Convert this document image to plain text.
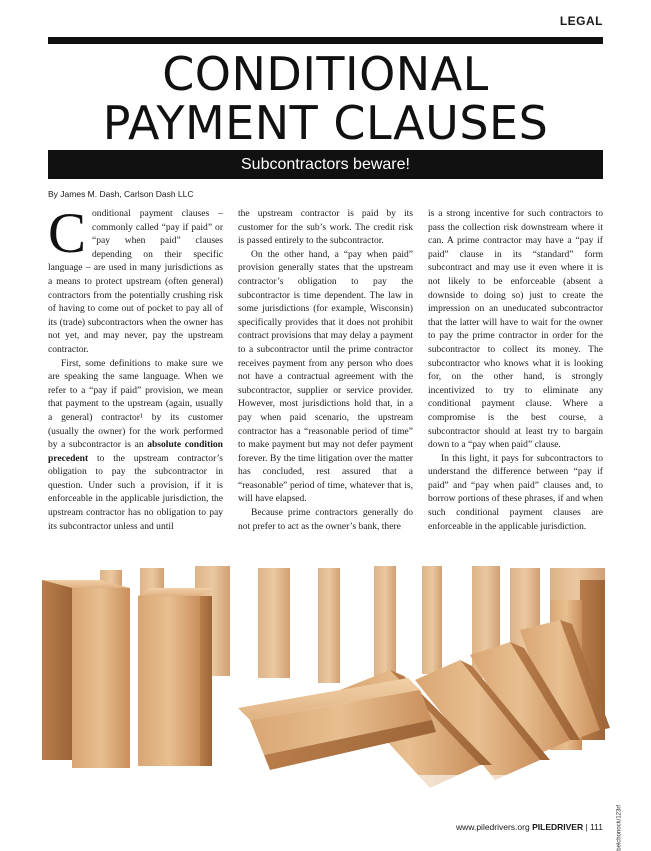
LEGAL
CONDITIONAL
PAYMENT CLAUSES
Subcontractors beware!
By James M. Dash, Carlson Dash LLC

Conditional payment clauses – commonly called “pay if paid” or “pay when paid” clauses depending on their specific language – are used in many jurisdictions as a means to protect upstream (often general) contractors from the potentially crushing risk of having to come out of pocket to pay all of its (trade) subcontractors when the owner has not yet, and may never, pay the upstream contractor.

First, some definitions to make sure we are speaking the same language. When we refer to a “pay if paid” provision, we mean that payment to the upstream (again, usually a general) contractor¹ by its customer (usually the owner) for the work performed by a subcontractor is an absolute condition precedent to the upstream contractor’s obligation to pay the subcontractor in question. Under such a provision, if it is enforceable in the applicable jurisdiction, the upstream contractor has no obligation to pay its subcontractor unless and until

the upstream contractor is paid by its customer for the sub’s work. The credit risk is passed entirely to the subcontractor.

On the other hand, a “pay when paid” provision generally states that the upstream contractor’s obligation to pay the subcontractor is time dependent. The law in some jurisdictions (for example, Wisconsin) specifically provides that it does not prohibit contract provisions that may delay a payment to a subcontractor until the prime contractor receives payment from any person who does not have a contractual agreement with the subcontractor, supplier or service provider. However, most jurisdictions hold that, in a pay when paid scenario, the upstream contractor has a “reasonable period of time” to make payment but may not defer payment forever. By the time litigation over the matter has concluded, rest assured that a “reasonable” period of time, whatever that is, will have elapsed.

Because prime contractors generally do not prefer to act as the owner’s bank, there

is a strong incentive for such contractors to pass the collection risk downstream where it can. A prime contractor may have a “pay if paid” clause in its “standard” form subcontract and may use it even where it is not likely to be enforceable (absent a downside to doing so) just to create the impression on an uneducated subcontractor that the latter will have to wait for the owner to pay the prime contractor in order for the subcontractor to collect its money. The subcontractor who knows what it is looking for, on the other hand, is strongly incentivized to try to eliminate any conditional payment clause. Where a compromise is the best course, a subcontractor should at least try to bargain down to a “pay when paid” clause.

In this light, it pays for subcontractors to understand the difference between “pay if paid” and “pay when paid” clauses and, to borrow portions of these phrases, if and when such conditional payment clauses are enforceable in the applicable jurisdiction.

belchonock/123rf
www.piledrivers.org PILEDRIVER | 111
